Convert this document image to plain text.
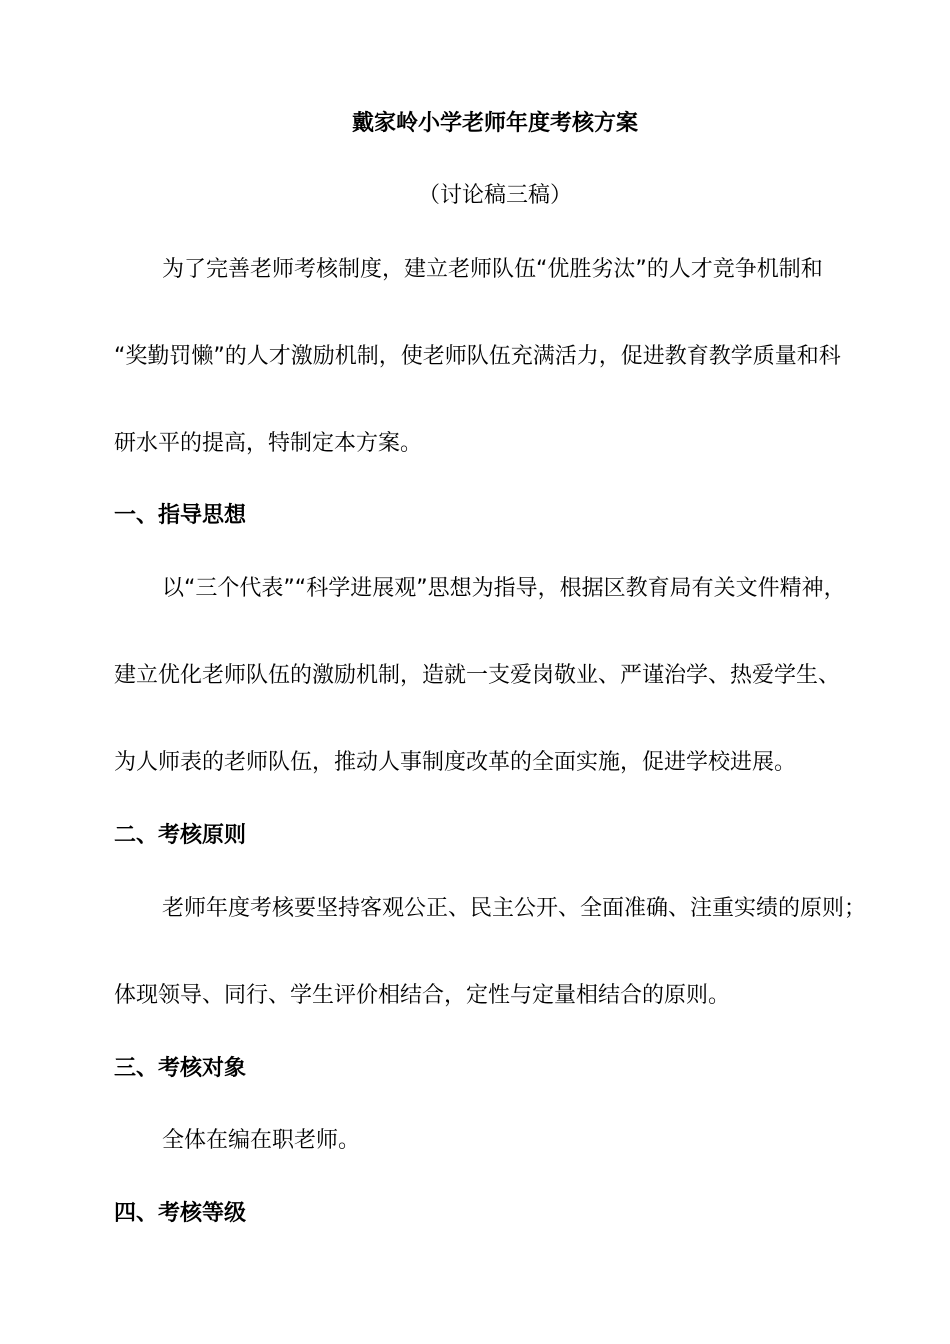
戴家岭小学老师年度考核方案
（讨论稿三稿）
为了完善老师考核制度，建立老师队伍“优胜劣汰”的人才竞争机制和
“奖勤罚懒”的人才激励机制，使老师队伍充满活力，促进教育教学质量和科
研水平的提高，特制定本方案。
一、指导思想
以“三个代表”“科学进展观”思想为指导，根据区教育局有关文件精神，
建立优化老师队伍的激励机制，造就一支爱岗敬业、严谨治学、热爱学生、
为人师表的老师队伍，推动人事制度改革的全面实施，促进学校进展。
二、考核原则
老师年度考核要坚持客观公正、民主公开、全面准确、注重实绩的原则；
体现领导、同行、学生评价相结合，定性与定量相结合的原则。
三、考核对象
全体在编在职老师。
四、考核等级
